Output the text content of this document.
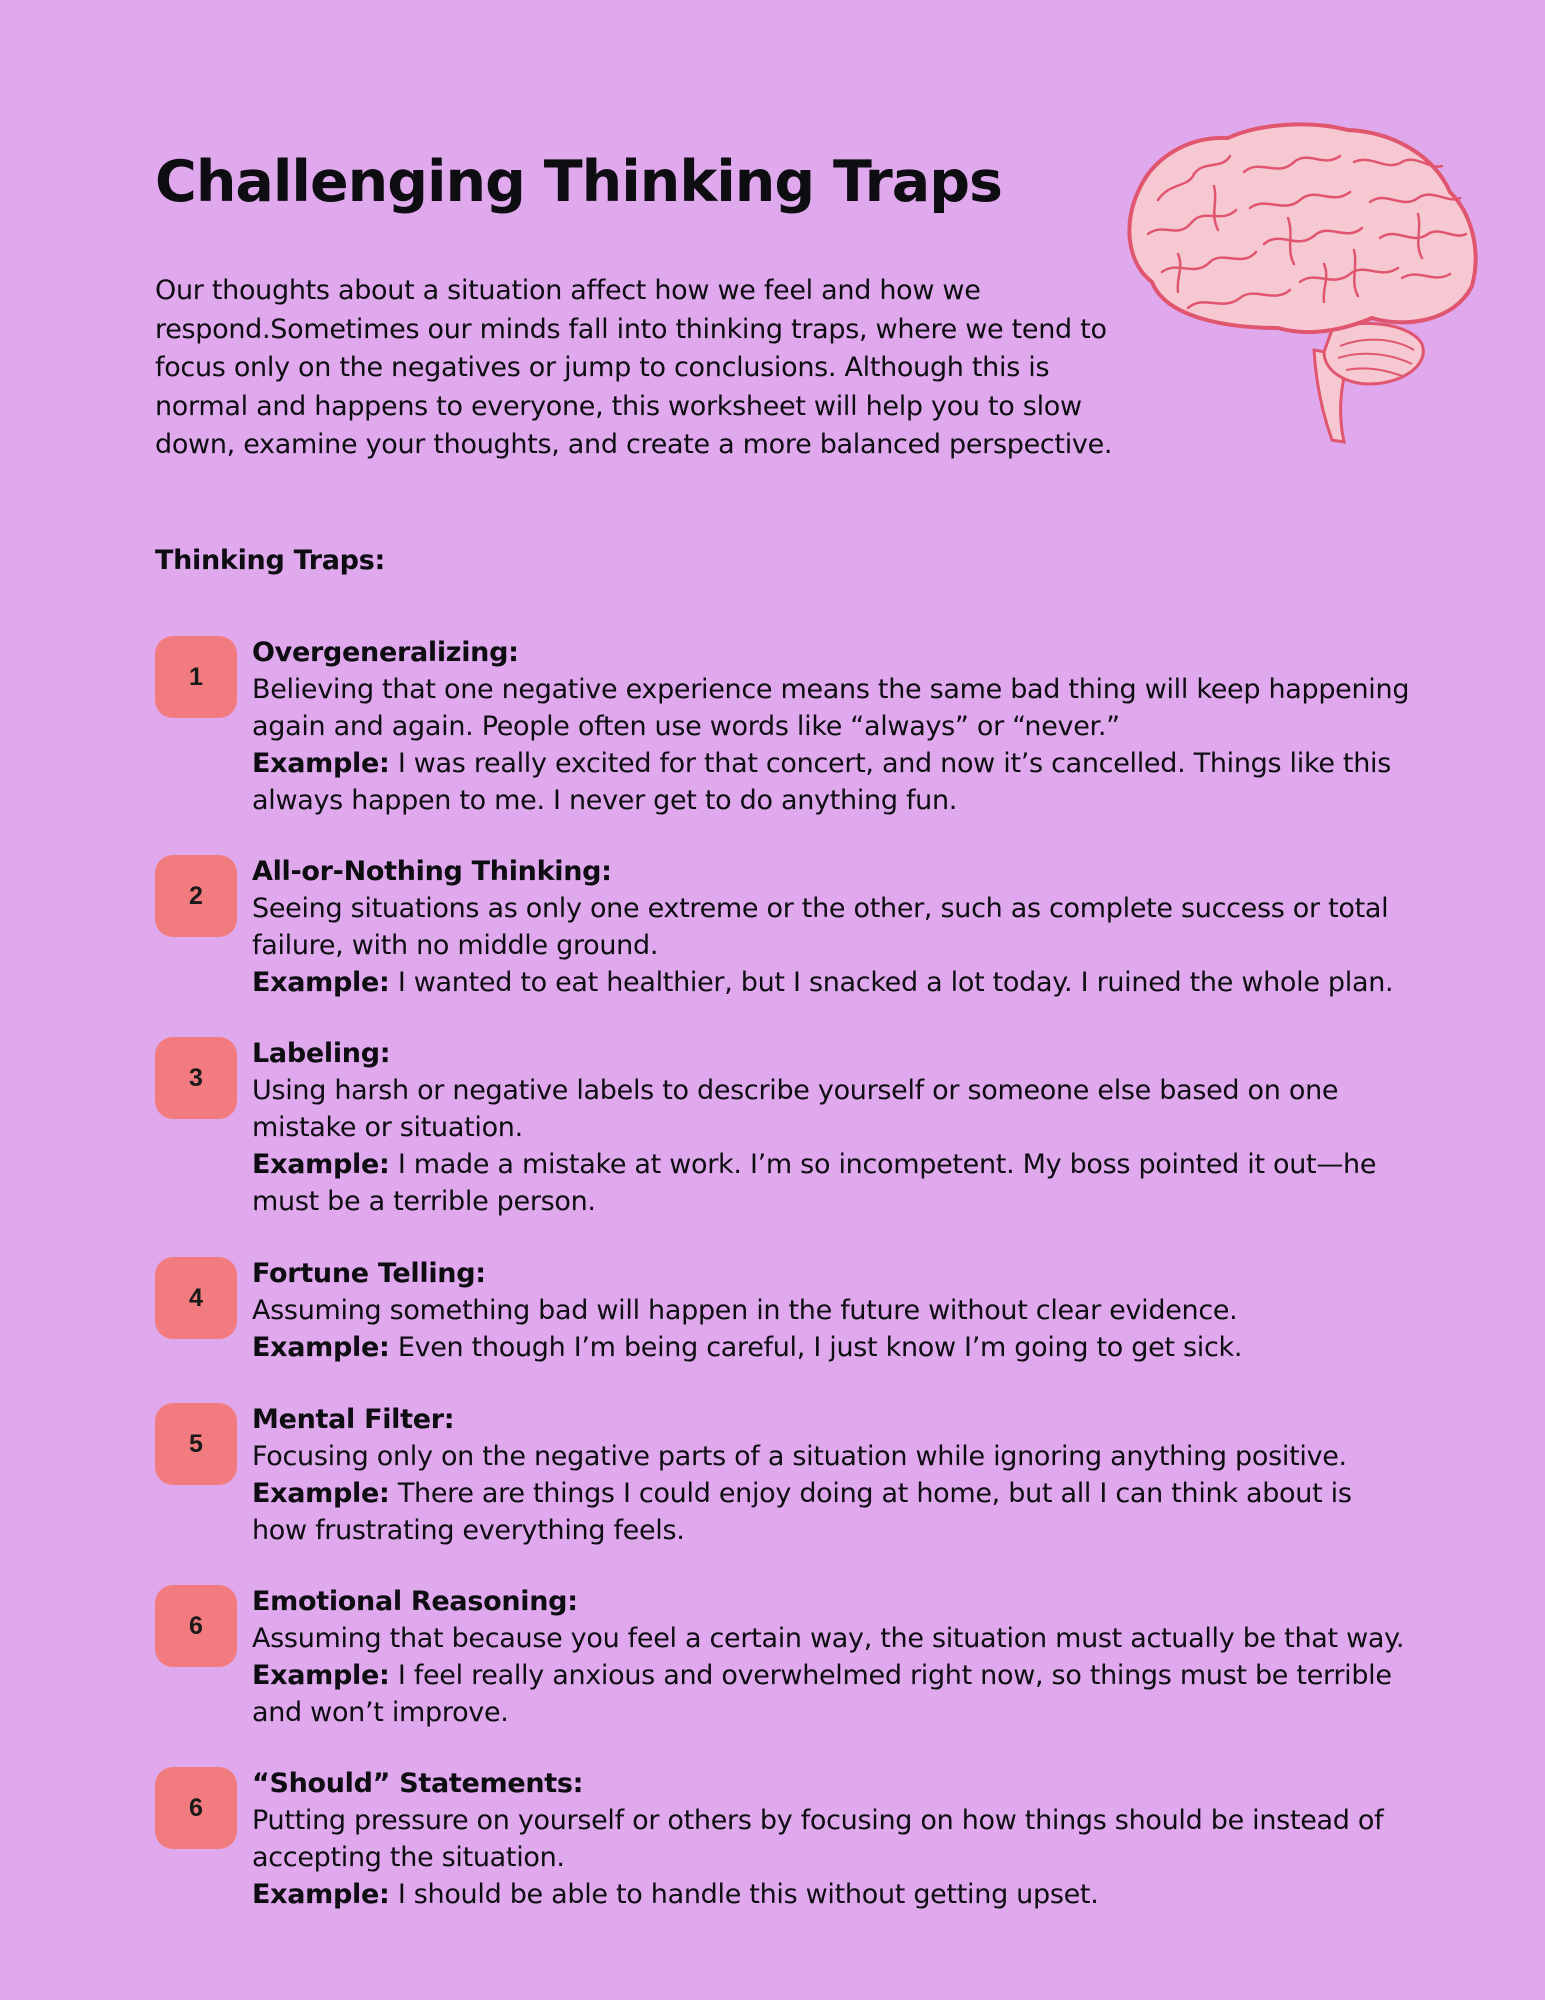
Challenging Thinking Traps

Our thoughts about a situation affect how we feel and how we respond.Sometimes our minds fall into thinking traps, where we tend to focus only on the negatives or jump to conclusions. Although this is normal and happens to everyone, this worksheet will help you to slow down, examine your thoughts, and create a more balanced perspective.

Thinking Traps:
1
Overgeneralizing:
Believing that one negative experience means the same bad thing will keep happening again and again. People often use words like “always” or “never.”
Example: I was really excited for that concert, and now it’s cancelled. Things like this always happen to me. I never get to do anything fun.
2
All-or-Nothing Thinking:
Seeing situations as only one extreme or the other, such as complete success or total failure, with no middle ground.
Example: I wanted to eat healthier, but I snacked a lot today. I ruined the whole plan.
3
Labeling:
Using harsh or negative labels to describe yourself or someone else based on one mistake or situation.
Example: I made a mistake at work. I’m so incompetent. My boss pointed it out—he must be a terrible person.
4
Fortune Telling:
Assuming something bad will happen in the future without clear evidence.
Example: Even though I’m being careful, I just know I’m going to get sick.
5
Mental Filter:
Focusing only on the negative parts of a situation while ignoring anything positive.
Example: There are things I could enjoy doing at home, but all I can think about is how frustrating everything feels.
6
Emotional Reasoning:
Assuming that because you feel a certain way, the situation must actually be that way.
Example: I feel really anxious and overwhelmed right now, so things must be terrible and won’t improve.
6
“Should” Statements:
Putting pressure on yourself or others by focusing on how things should be instead of accepting the situation.
Example: I should be able to handle this without getting upset.
